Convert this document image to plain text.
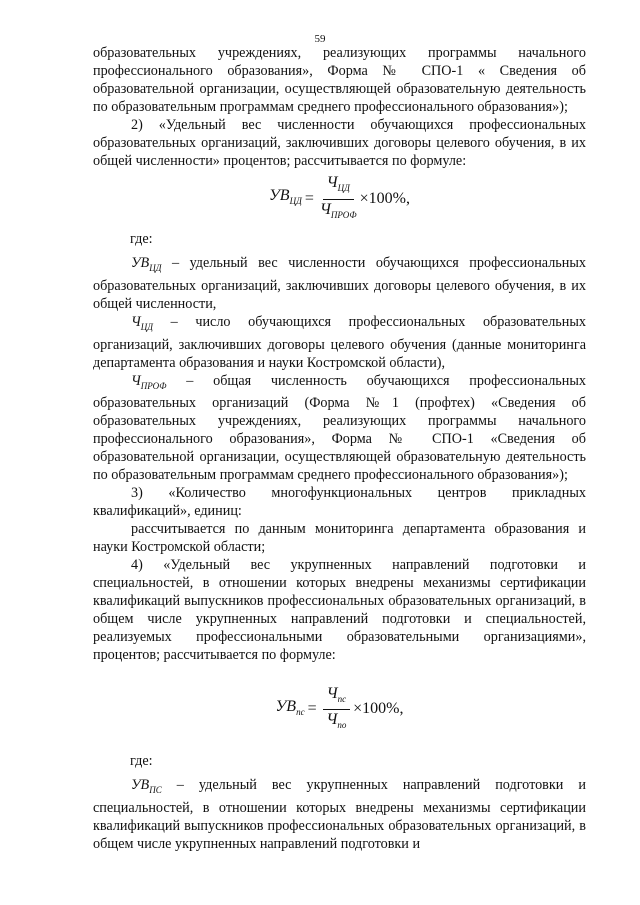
59

образовательных учреждениях, реализующих программы начального профессионального образования», Форма № СПО-1 « Сведения об образовательной организации, осуществляющей образовательную деятельность по образовательным программам среднего профессионального образования»);

2) «Удельный вес численности обучающихся профессиональных образовательных организаций, заключивших договоры целевого обучения, в их общей численности» процентов; рассчитывается по формуле:

$УВ_{ЦД} = \frac{Ч_{ЦД}}{Ч_{ПРОФ}} \times 100\%$,

где:

$УВ_{ЦД}$ – удельный вес численности обучающихся профессиональных образовательных организаций, заключивших договоры целевого обучения, в их общей численности,

$Ч_{ЦД}$ – число обучающихся профессиональных образовательных организаций, заключивших договоры целевого обучения (данные мониторинга департамента образования и науки Костромской области),

$Ч_{ПРОФ}$ – общая численность обучающихся профессиональных образовательных организаций (Форма №1 (профтех) «Сведения об образовательных учреждениях, реализующих программы начального профессионального образования», Форма № СПО-1 «Сведения об образовательной организации, осуществляющей образовательную деятельность по образовательным программам среднего профессионального образования»);

3) «Количество многофункциональных центров прикладных квалификаций», единиц:

рассчитывается по данным мониторинга департамента образования и науки Костромской области;

4) «Удельный вес укрупненных направлений подготовки и специальностей, в отношении которых внедрены механизмы сертификации квалификаций выпускников профессиональных образовательных организаций, в общем числе укрупненных направлений подготовки и специальностей, реализуемых профессиональными образовательными организациями», процентов; рассчитывается по формуле:

$УВ_{пс} = \frac{Ч_{пс}}{Ч_{по}} \times 100\%$,

где:

$УВ_{ПС}$ – удельный вес укрупненных направлений подготовки и специальностей, в отношении которых внедрены механизмы сертификации квалификаций выпускников профессиональных образовательных организаций, в общем числе укрупненных направлений подготовки и
